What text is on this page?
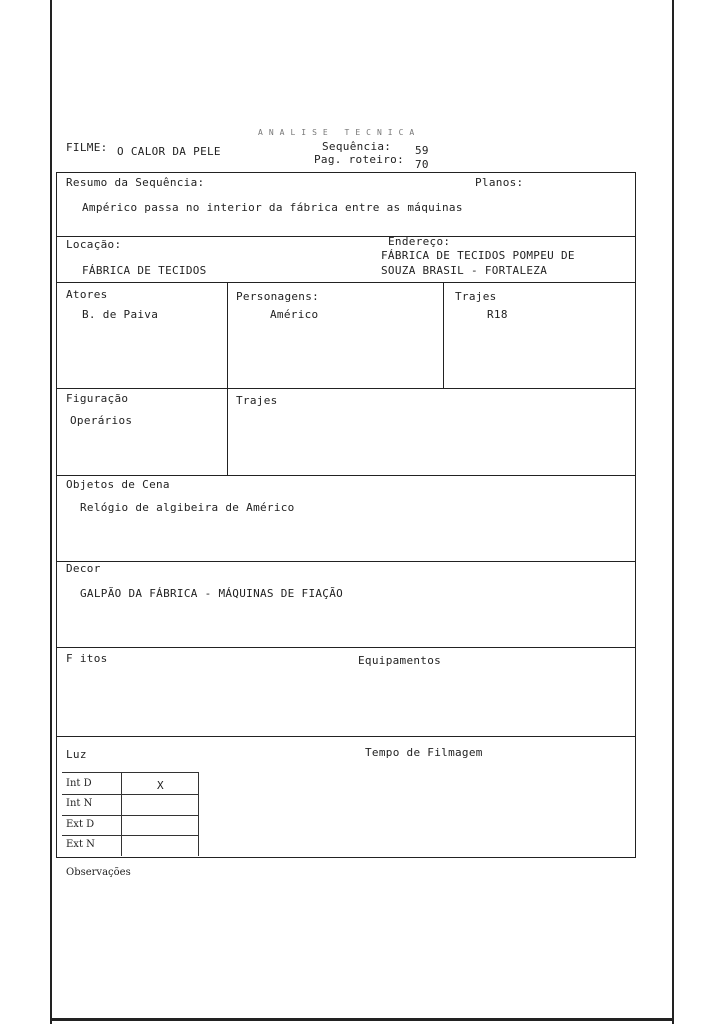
ANALISE TECNICA
FILME: O CALOR DA PELE	Sequência: 59
Pag. roteiro: 70
Resumo da Sequência:	Planos:
Ampérico passa no interior da fábrica entre as máquinas
Locação:
FÁBRICA DE TECIDOS
Endereço:
FÁBRICA DE TECIDOS POMPEU DE
SOUZA BRASIL - FORTALEZA
Atores
B. de Paiva
Personagens:
Américo
Trajes
R18
Figuração
Operários
Trajes
Objetos de Cena
Relógio de algibeira de Américo
Decor
GALPÃO DA FÁBRICA - MÁQUINAS DE FIAÇÃO
F itos	Equipamentos
Luz	Tempo de Filmagem
Int D	X
Int N
Ext D
Ext N
Observações
